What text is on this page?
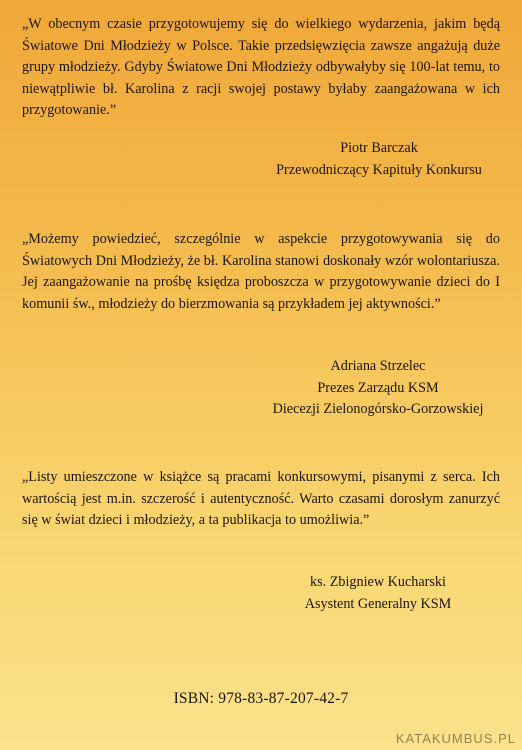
„W obecnym czasie przygotowujemy się do wielkiego wydarzenia, jakim będą Światowe Dni Młodzieży w Polsce. Takie przedsięwzięcia zawsze angażują duże grupy młodzieży. Gdyby Światowe Dni Młodzieży odbywałyby się 100-lat temu, to niewątpliwie bł. Karolina z racji swojej postawy byłaby zaangażowana w ich przygotowanie.”

Piotr Barczak
Przewodniczący Kapituły Konkursu

„Możemy powiedzieć, szczególnie w aspekcie przygotowywania się do Światowych Dni Młodzieży, że bł. Karolina stanowi doskonały wzór wolontariusza. Jej zaangażowanie na prośbę księdza proboszcza w przygotowywanie dzieci do I komunii św., młodzieży do bierzmowania są przykładem jej aktywności.”

Adriana Strzelec
Prezes Zarządu KSM
Diecezji Zielonogórsko-Gorzowskiej

„Listy umieszczone w książce są pracami konkursowymi, pisanymi z serca. Ich wartością jest m.in. szczerość i autentyczność. Warto czasami dorosłym zanurzyć się w świat dzieci i młodzieży, a ta publikacja to umożliwia.”

ks. Zbigniew Kucharski
Asystent Generalny KSM
ISBN: 978-83-87-207-42-7
KATAKUMBUS.PL
